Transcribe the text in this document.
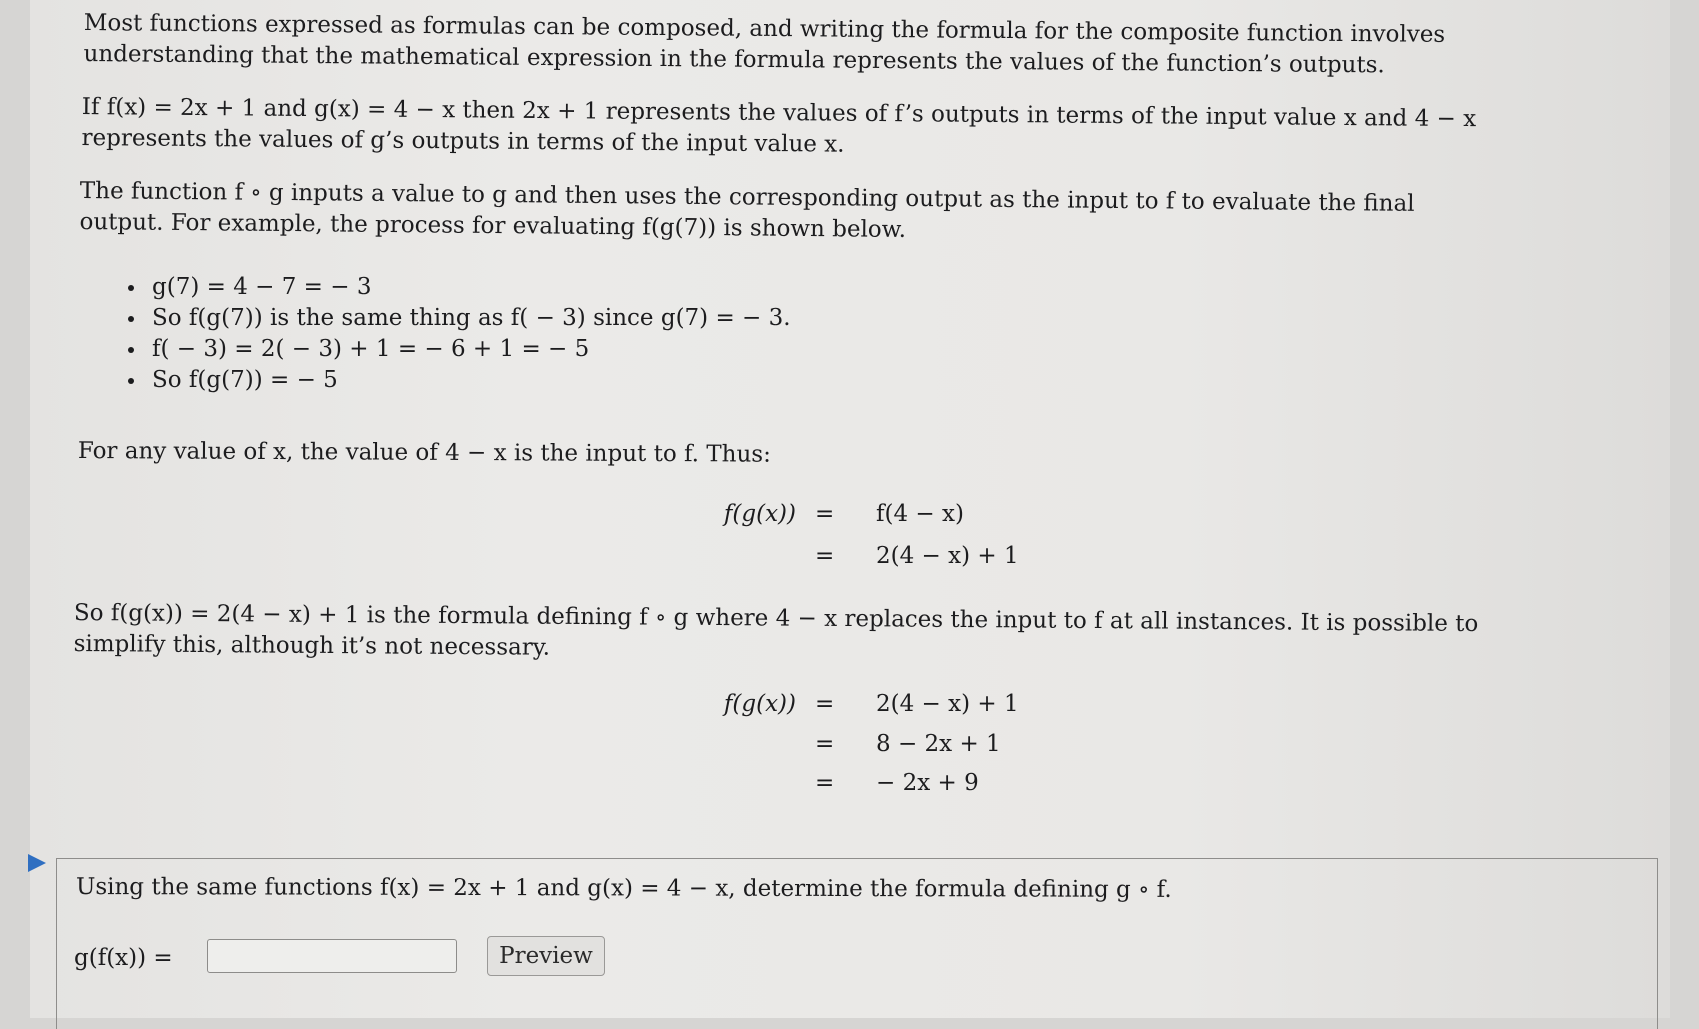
Most functions expressed as formulas can be composed, and writing the formula for the composite function involves understanding that the mathematical expression in the formula represents the values of the function’s outputs.

If f(x) = 2x + 1 and g(x) = 4 − x then 2x + 1 represents the values of f’s outputs in terms of the input value x and 4 − x represents the values of g’s outputs in terms of the input value x.

The function f ∘ g inputs a value to g and then uses the corresponding output as the input to f to evaluate the final output. For example, the process for evaluating f(g(7)) is shown below.

g(7) = 4 − 7 = − 3
So f(g(7)) is the same thing as f( − 3) since g(7) = − 3.
f( − 3) = 2( − 3) + 1 = − 6 + 1 = − 5
So f(g(7)) = − 5

For any value of x, the value of 4 − x is the input to f. Thus:

f(g(x)) = f(4 − x)
= 2(4 − x) + 1

So f(g(x)) = 2(4 − x) + 1 is the formula defining f ∘ g where 4 − x replaces the input to f at all instances. It is possible to simplify this, although it’s not necessary.

f(g(x)) = 2(4 − x) + 1
= 8 − 2x + 1
= − 2x + 9

Using the same functions f(x) = 2x + 1 and g(x) = 4 − x, determine the formula defining g ∘ f.

g(f(x)) =	Preview
